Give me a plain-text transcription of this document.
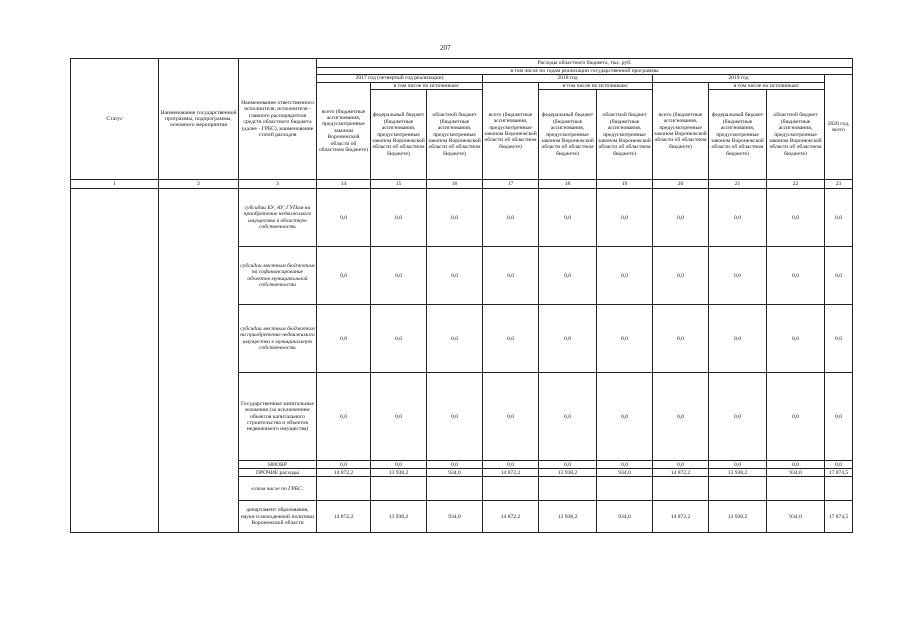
207
Статус	Наименование государственной программы, подпрограммы, основного мероприятия	Наименование ответственного исполнителя, исполнителя - главного распорядителя средств областного бюджета (далее - ГРБС), наименование статей расходов	Расходы областного бюджета, тыс. руб.									
			в том числе по годам реализации государственной программы									
			2017 год (четвертый год реализации)			2018 год			2019 год			2020 год, всего
			всего (бюджетные ассигнования, предусмотренные законом Воронежской области об областном бюджете)	в том числе по источникам:		всего (бюджетные ассигнования, предусмотренные законом Воронежской области об областном бюджете)	в том числе по источникам:		всего (бюджетные ассигнования, предусмотренные законом Воронежской области об областном бюджете)	в том числе по источникам:		
				федеральный бюджет (бюджетные ассигнования, предусмотренные законом Воронежской области об областном бюджете)	областной бюджет (бюджетные ассигнования, предусмотренные законом Воронежской области об областном бюджете)		федеральный бюджет (бюджетные ассигнования, предусмотренные законом Воронежской области об областном бюджете)	областной бюджет (бюджетные ассигнования, предусмотренные законом Воронежской области об областном бюджете)		федеральный бюджет (бюджетные ассигнования, предусмотренные законом Воронежской области об областном бюджете)	областной бюджет (бюджетные ассигнования, предусмотренные законом Воронежской области об областном бюджете)	
1	2	3	14	15	16	17	18	19	20	21	22	23
		субсидии БУ, АУ, ГУПам на приобретение недвижимого имущества в областную собственность	0,0	0,0	0,0	0,0	0,0	0,0	0,0	0,0	0,0	0,0
		субсидии местным бюджетам на софинансирование объектов муниципальной собственности	0,0	0,0	0,0	0,0	0,0	0,0	0,0	0,0	0,0	0,0
		субсидии местным бюджетам на приобретение недвижимого имущества в муниципальную собственность	0,0	0,0	0,0	0,0	0,0	0,0	0,0	0,0	0,0	0,0
		Государственные капитальные вложения (за исключением объектов капитального строительства и объектов недвижимого имущества)	0,0	0,0	0,0	0,0	0,0	0,0	0,0	0,0	0,0	0,0
		НИОКР	0,0	0,0	0,0	0,0	0,0	0,0	0,0	0,0	0,0	0,0
		ПРОЧИЕ расходы	14 872,2	13 938,2	934,0	14 872,2	13 938,2	934,0	14 872,2	13 938,2	934,0	17 874,5
		в том числе по ГРБС:										
		департамент образования, науки и молодежной политики Воронежской области	14 872,2	13 938,2	934,0	14 872,2	13 938,2	934,0	14 872,2	13 938,2	934,0	17 874,5
